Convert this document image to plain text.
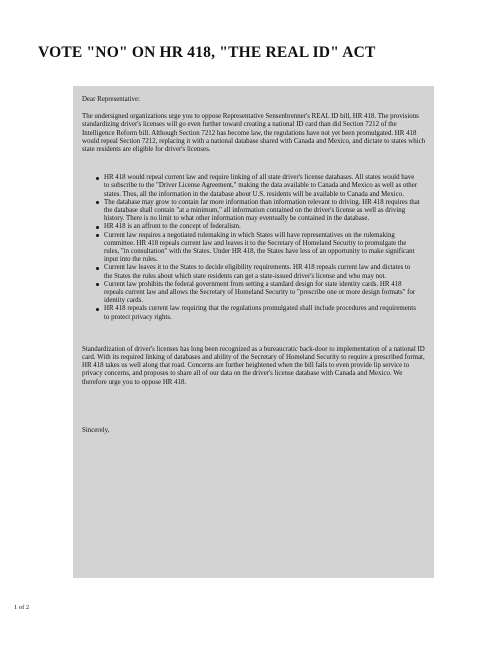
VOTE "NO" ON HR 418, "THE REAL ID" ACT

Dear Representative:

The undersigned organizations urge you to oppose Representative Sensenbrenner's REAL ID bill, HR 418. The provisions standardizing driver's licenses will go even further toward creating a national ID card than did Section 7212 of the Intelligence Reform bill. Although Section 7212 has become law, the regulations have not yet been promulgated. HR 418 would repeal Section 7212, replacing it with a national database shared with Canada and Mexico, and dictate to states which state residents are eligible for driver's licenses.

HR 418 would repeal current law and require linking of all state driver's license databases. All states would have to subscribe to the "Driver License Agreement," making the data available to Canada and Mexico as well as other states. Thus, all the information in the database about U.S. residents will be available to Canada and Mexico.
The database may grow to contain far more information than information relevant to driving. HR 418 requires that the database shall contain "at a minimum," all information contained on the driver's license as well as driving history. There is no limit to what other information may eventually be contained in the database.
HR 418 is an affront to the concept of federalism.
Current law requires a negotiated rulemaking in which States will have representatives on the rulemaking committee. HR 418 repeals current law and leaves it to the Secretary of Homeland Security to promulgate the rules, "in consultation" with the States. Under HR 418, the States have less of an opportunity to make significant input into the rules.
Current law leaves it to the States to decide eligibility requirements. HR 418 repeals current law and dictates to the States the rules about which state residents can get a state-issued driver's license and who may not.
Current law prohibits the federal government from setting a standard design for state identity cards. HR 418 repeals current law and allows the Secretary of Homeland Security to "prescribe one or more design formats" for identity cards.
HR 418 repeals current law requiring that the regulations promulgated shall include procedures and requirements to protect privacy rights.

Standardization of driver's licenses has long been recognized as a bureaucratic back-door to implementation of a national ID card. With its required linking of databases and ability of the Secretary of Homeland Security to require a prescribed format, HR 418 takes us well along that road. Concerns are further heightened when the bill fails to even provide lip service to privacy concerns, and proposes to share all of our data on the driver's license database with Canada and Mexico. We therefore urge you to oppose HR 418.

Sincerely,

1 of 2
